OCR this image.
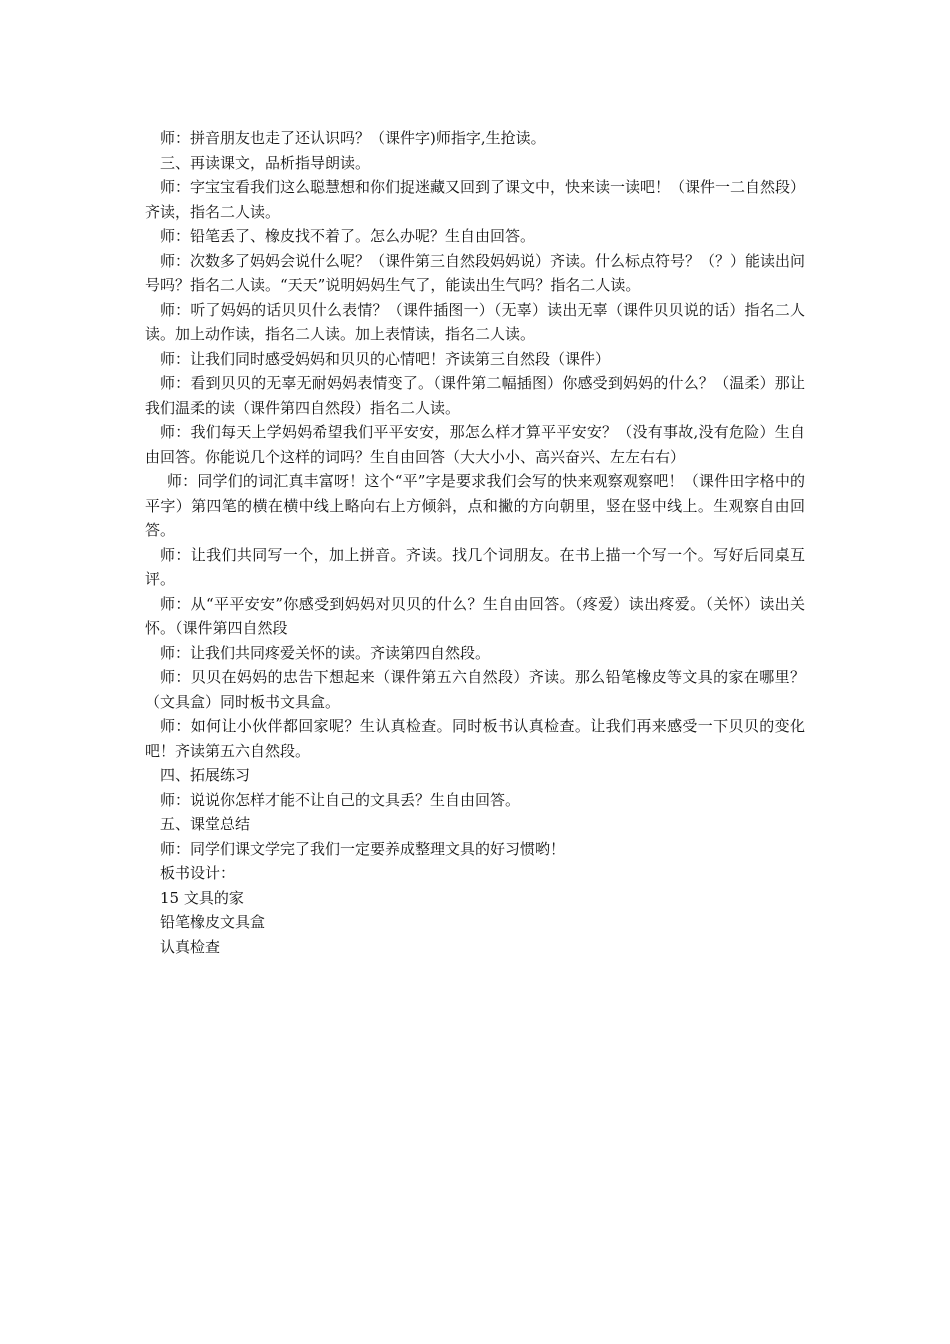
师：拼音朋友也走了还认识吗？（课件字)师指字,生抢读。

三、再读课文，品析指导朗读。

师：字宝宝看我们这么聪慧想和你们捉迷藏又回到了课文中，快来读一读吧！（课件一二自然段）齐读，指名二人读。

师：铅笔丢了、橡皮找不着了。怎么办呢？生自由回答。

师：次数多了妈妈会说什么呢？（课件第三自然段妈妈说）齐读。什么标点符号？（？）能读出问号吗？指名二人读。“天天”说明妈妈生气了，能读出生气吗？指名二人读。

师：听了妈妈的话贝贝什么表情？（课件插图一）（无辜）读出无辜（课件贝贝说的话）指名二人读。加上动作读，指名二人读。加上表情读，指名二人读。

师：让我们同时感受妈妈和贝贝的心情吧！齐读第三自然段（课件）

师：看到贝贝的无辜无耐妈妈表情变了。（课件第二幅插图）你感受到妈妈的什么？（温柔）那让我们温柔的读（课件第四自然段）指名二人读。

师：我们每天上学妈妈希望我们平平安安，那怎么样才算平平安安？（没有事故,没有危险）生自由回答。你能说几个这样的词吗？生自由回答（大大小小、高兴奋兴、左左右右）

师：同学们的词汇真丰富呀！这个“平”字是要求我们会写的快来观察观察吧！（课件田字格中的平字）第四笔的横在横中线上略向右上方倾斜，点和撇的方向朝里，竖在竖中线上。生观察自由回答。

师：让我们共同写一个，加上拼音。齐读。找几个词朋友。在书上描一个写一个。写好后同桌互评。

师：从“平平安安”你感受到妈妈对贝贝的什么？生自由回答。（疼爱）读出疼爱。（关怀）读出关怀。（课件第四自然段

师：让我们共同疼爱关怀的读。齐读第四自然段。

师：贝贝在妈妈的忠告下想起来（课件第五六自然段）齐读。那么铅笔橡皮等文具的家在哪里？（文具盒）同时板书文具盒。

师：如何让小伙伴都回家呢？生认真检查。同时板书认真检查。让我们再来感受一下贝贝的变化吧！齐读第五六自然段。

四、拓展练习

师：说说你怎样才能不让自己的文具丢？生自由回答。

五、课堂总结

师：同学们课文学完了我们一定要养成整理文具的好习惯哟！

板书设计：
15 文具的家
铅笔橡皮文具盒
认真检查
